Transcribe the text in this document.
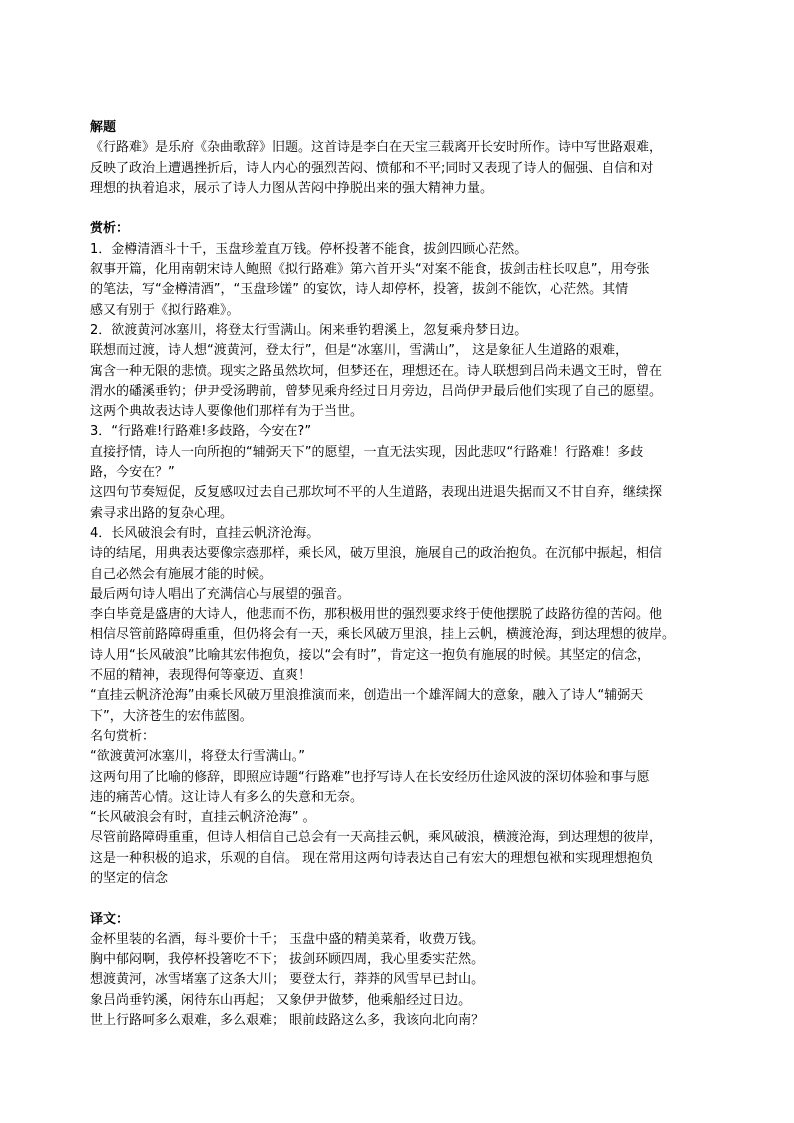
解题
《行路难》是乐府《杂曲歌辞》旧题。这首诗是李白在天宝三载离开长安时所作。诗中写世路艰难，
反映了政治上遭遇挫折后，诗人内心的强烈苦闷、愤郁和不平;同时又表现了诗人的倔强、自信和对
理想的执着追求，展示了诗人力图从苦闷中挣脱出来的强大精神力量。
赏析：
1．金樽清酒斗十千，玉盘珍羞直万钱。停杯投著不能食，拔剑四顾心茫然。
叙事开篇，化用南朝宋诗人鲍照《拟行路难》第六首开头“对案不能食，拔剑击柱长叹息”，用夸张
的笔法，写“金樽清酒”，“玉盘珍馐” 的宴饮，诗人却停杯，投箸，拔剑不能饮，心茫然。其情
感又有别于《拟行路难》。
2．欲渡黄河冰塞川，将登太行雪满山。闲来垂钓碧溪上，忽复乘舟梦日边。
联想而过渡，诗人想“渡黄河，登太行”，但是“冰塞川，雪满山”， 这是象征人生道路的艰难，
寓含一种无限的悲愤。现实之路虽然坎坷，但梦还在，理想还在。诗人联想到吕尚未遇文王时，曾在
渭水的磻溪垂钓；伊尹受汤聘前，曾梦见乘舟经过日月旁边，吕尚伊尹最后他们实现了自己的愿望。
这两个典故表达诗人要像他们那样有为于当世。
3．“行路难!行路难!多歧路，今安在?”
直接抒情，诗人一向所抱的“辅弼天下”的愿望，一直无法实现，因此悲叹“行路难！行路难！多歧
路，今安在？”
这四句节奏短促，反复感叹过去自己那坎坷不平的人生道路，表现出进退失据而又不甘自弃，继续探
索寻求出路的复杂心理。
4．长风破浪会有时，直挂云帆济沧海。
诗的结尾，用典表达要像宗悫那样，乘长风，破万里浪，施展自己的政治抱负。在沉郁中振起，相信
自己必然会有施展才能的时候。
最后两句诗人唱出了充满信心与展望的强音。
李白毕竟是盛唐的大诗人，他悲而不伤，那积极用世的强烈要求终于使他摆脱了歧路彷徨的苦闷。他
相信尽管前路障碍重重，但仍将会有一天，乘长风破万里浪，挂上云帆，横渡沧海，到达理想的彼岸。
诗人用“长风破浪”比喻其宏伟抱负，接以“会有时”，肯定这一抱负有施展的时候。其坚定的信念，
不屈的精神，表现得何等豪迈、直爽！
“直挂云帆济沧海”由乘长风破万里浪推演而来，创造出一个雄浑阔大的意象，融入了诗人“辅弼天
下”，大济苍生的宏伟蓝图。
名句赏析：
“欲渡黄河冰塞川，将登太行雪满山。”
这两句用了比喻的修辞，即照应诗题“行路难”也抒写诗人在长安经历仕途风波的深切体验和事与愿
违的痛苦心情。这让诗人有多么的失意和无奈。
“长风破浪会有时，直挂云帆济沧海” 。
尽管前路障碍重重，但诗人相信自己总会有一天高挂云帆，乘风破浪，横渡沧海，到达理想的彼岸，
这是一种积极的追求，乐观的自信。 现在常用这两句诗表达自己有宏大的理想包袱和实现理想抱负
的坚定的信念
译文：
金杯里装的名酒，每斗要价十千； 玉盘中盛的精美菜肴，收费万钱。
胸中郁闷啊，我停杯投箸吃不下； 拔剑环顾四周，我心里委实茫然。
想渡黄河，冰雪堵塞了这条大川； 要登太行，莽莽的风雪早已封山。
象吕尚垂钓溪，闲待东山再起； 又象伊尹做梦，他乘船经过日边。
世上行路呵多么艰难，多么艰难； 眼前歧路这么多，我该向北向南？
